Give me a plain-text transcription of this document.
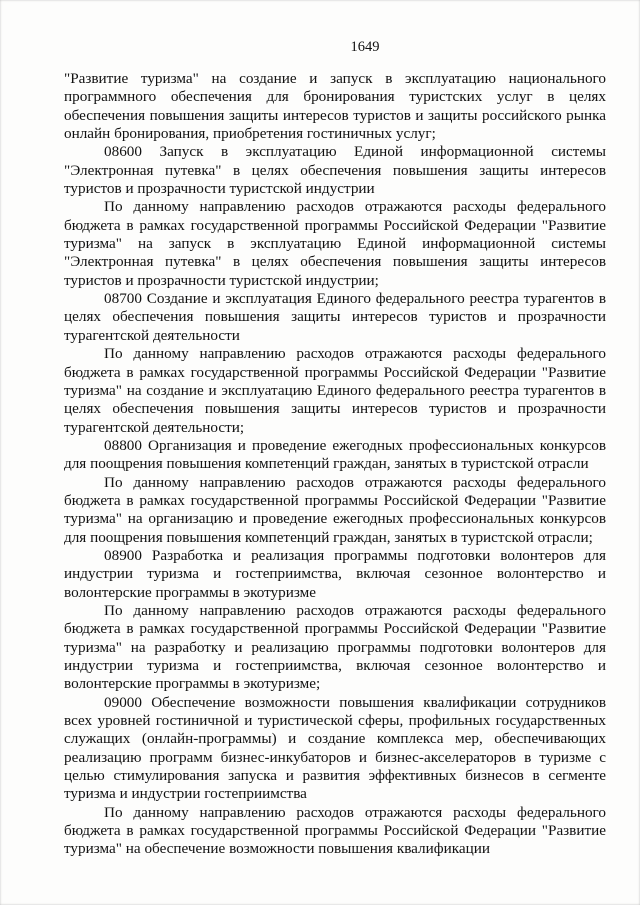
1649

"Развитие туризма" на создание и запуск в эксплуатацию национального программного обеспечения для бронирования туристских услуг в целях обеспечения повышения защиты интересов туристов и защиты российского рынка онлайн бронирования, приобретения гостиничных услуг;

08600 Запуск в эксплуатацию Единой информационной системы "Электронная путевка" в целях обеспечения повышения защиты интересов туристов и прозрачности туристской индустрии

По данному направлению расходов отражаются расходы федерального бюджета в рамках государственной программы Российской Федерации "Развитие туризма" на запуск в эксплуатацию Единой информационной системы "Электронная путевка" в целях обеспечения повышения защиты интересов туристов и прозрачности туристской индустрии;

08700 Создание и эксплуатация Единого федерального реестра турагентов в целях обеспечения повышения защиты интересов туристов и прозрачности турагентской деятельности

По данному направлению расходов отражаются расходы федерального бюджета в рамках государственной программы Российской Федерации "Развитие туризма" на создание и эксплуатацию Единого федерального реестра турагентов в целях обеспечения повышения защиты интересов туристов и прозрачности турагентской деятельности;

08800 Организация и проведение ежегодных профессиональных конкурсов для поощрения повышения компетенций граждан, занятых в туристской отрасли

По данному направлению расходов отражаются расходы федерального бюджета в рамках государственной программы Российской Федерации "Развитие туризма" на организацию и проведение ежегодных профессиональных конкурсов для поощрения повышения компетенций граждан, занятых в туристской отрасли;

08900 Разработка и реализация программы подготовки волонтеров для индустрии туризма и гостеприимства, включая сезонное волонтерство и волонтерские программы в экотуризме

По данному направлению расходов отражаются расходы федерального бюджета в рамках государственной программы Российской Федерации "Развитие туризма" на разработку и реализацию программы подготовки волонтеров для индустрии туризма и гостеприимства, включая сезонное волонтерство и волонтерские программы в экотуризме;

09000 Обеспечение возможности повышения квалификации сотрудников всех уровней гостиничной и туристической сферы, профильных государственных служащих (онлайн-программы) и создание комплекса мер, обеспечивающих реализацию программ бизнес-инкубаторов и бизнес-акселераторов в туризме с целью стимулирования запуска и развития эффективных бизнесов в сегменте туризма и индустрии гостеприимства

По данному направлению расходов отражаются расходы федерального бюджета в рамках государственной программы Российской Федерации "Развитие туризма" на обеспечение возможности повышения квалификации
